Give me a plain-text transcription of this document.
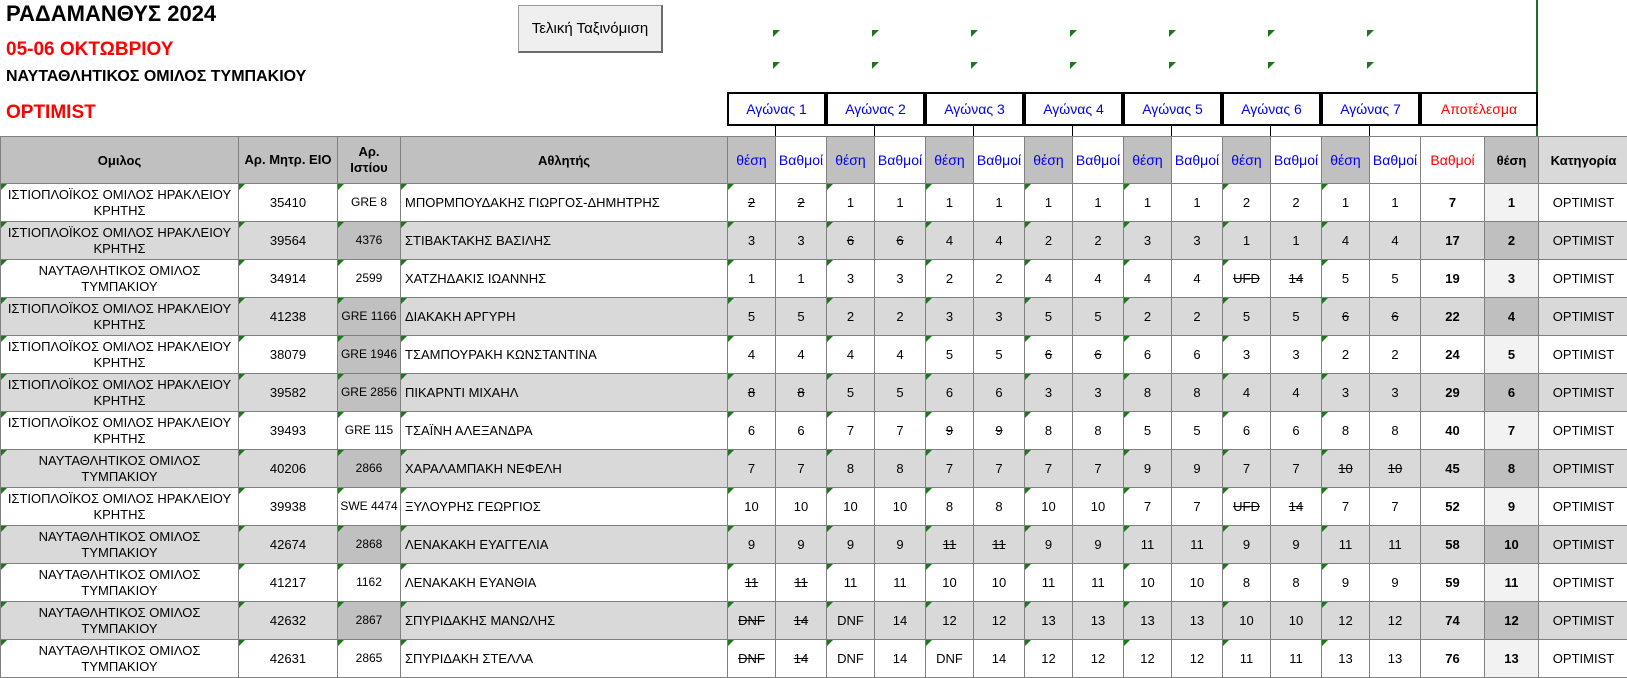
ΡΑΔΑΜΑΝΘΥΣ 2024
05-06 ΟΚΤΩΒΡΙΟΥ
ΝΑΥΤΑΘΛΗΤΙΚΟΣ ΟΜΙΛΟΣ ΤΥΜΠΑΚΙΟΥ
OPTIMIST
Τελική Ταξινόμιση
Αγώνας 1	Αγώνας 2	Αγώνας 3	Αγώνας 4	Αγώνας 5	Αγώνας 6	Αγώνας 7	Αποτέλεσμα
Ομιλος	Αρ. Μητρ. ΕΙΟ	Αρ. Ιστίου	Αθλητής	θέση	Βαθμοί	θέση	Βαθμοί	θέση	Βαθμοί	θέση	Βαθμοί	θέση	Βαθμοί	θέση	Βαθμοί	θέση	Βαθμοί	Βαθμοί	θέση	Κατηγορία
ΙΣΤΙΟΠΛΟΪΚΟΣ ΟΜΙΛΟΣ ΗΡΑΚΛΕΙΟΥ ΚΡΗΤΗΣ	35410	GRE 8	ΜΠΟΡΜΠΟΥΔΑΚΗΣ ΓΙΩΡΓΟΣ-ΔΗΜΗΤΡΗΣ	2	2	1	1	1	1	1	1	1	1	2	2	1	1	7	1	OPTIMIST
ΙΣΤΙΟΠΛΟΪΚΟΣ ΟΜΙΛΟΣ ΗΡΑΚΛΕΙΟΥ ΚΡΗΤΗΣ	39564	4376	ΣΤΙΒΑΚΤΑΚΗΣ ΒΑΣΙΛΗΣ	3	3	6	6	4	4	2	2	3	3	1	1	4	4	17	2	OPTIMIST
ΝΑΥΤΑΘΛΗΤΙΚΟΣ ΟΜΙΛΟΣ ΤΥΜΠΑΚΙΟΥ	34914	2599	ΧΑΤΖΗΔΑΚΙΣ ΙΩΑΝΝΗΣ	1	1	3	3	2	2	4	4	4	4	UFD	14	5	5	19	3	OPTIMIST
ΙΣΤΙΟΠΛΟΪΚΟΣ ΟΜΙΛΟΣ ΗΡΑΚΛΕΙΟΥ ΚΡΗΤΗΣ	41238	GRE 1166	ΔΙΑΚΑΚΗ ΑΡΓΥΡΗ	5	5	2	2	3	3	5	5	2	2	5	5	6	6	22	4	OPTIMIST
ΙΣΤΙΟΠΛΟΪΚΟΣ ΟΜΙΛΟΣ ΗΡΑΚΛΕΙΟΥ ΚΡΗΤΗΣ	38079	GRE 1946	ΤΣΑΜΠΟΥΡΑΚΗ ΚΩΝΣΤΑΝΤΙΝΑ	4	4	4	4	5	5	6	6	6	6	3	3	2	2	24	5	OPTIMIST
ΙΣΤΙΟΠΛΟΪΚΟΣ ΟΜΙΛΟΣ ΗΡΑΚΛΕΙΟΥ ΚΡΗΤΗΣ	39582	GRE 2856	ΠΙΚΑΡΝΤΙ ΜΙΧΑΗΛ	8	8	5	5	6	6	3	3	8	8	4	4	3	3	29	6	OPTIMIST
ΙΣΤΙΟΠΛΟΪΚΟΣ ΟΜΙΛΟΣ ΗΡΑΚΛΕΙΟΥ ΚΡΗΤΗΣ	39493	GRE 115	ΤΣΑΪΝΗ ΑΛΕΞΑΝΔΡΑ	6	6	7	7	9	9	8	8	5	5	6	6	8	8	40	7	OPTIMIST
ΝΑΥΤΑΘΛΗΤΙΚΟΣ ΟΜΙΛΟΣ ΤΥΜΠΑΚΙΟΥ	40206	2866	ΧΑΡΑΛΑΜΠΑΚΗ ΝΕΦΕΛΗ	7	7	8	8	7	7	7	7	9	9	7	7	10	10	45	8	OPTIMIST
ΙΣΤΙΟΠΛΟΪΚΟΣ ΟΜΙΛΟΣ ΗΡΑΚΛΕΙΟΥ ΚΡΗΤΗΣ	39938	SWE 4474	ΞΥΛΟΥΡΗΣ ΓΕΩΡΓΙΟΣ	10	10	10	10	8	8	10	10	7	7	UFD	14	7	7	52	9	OPTIMIST
ΝΑΥΤΑΘΛΗΤΙΚΟΣ ΟΜΙΛΟΣ ΤΥΜΠΑΚΙΟΥ	42674	2868	ΛΕΝΑΚΑΚΗ ΕΥΑΓΓΕΛΙΑ	9	9	9	9	11	11	9	9	11	11	9	9	11	11	58	10	OPTIMIST
ΝΑΥΤΑΘΛΗΤΙΚΟΣ ΟΜΙΛΟΣ ΤΥΜΠΑΚΙΟΥ	41217	1162	ΛΕΝΑΚΑΚΗ ΕΥΑΝΘΙΑ	11	11	11	11	10	10	11	11	10	10	8	8	9	9	59	11	OPTIMIST
ΝΑΥΤΑΘΛΗΤΙΚΟΣ ΟΜΙΛΟΣ ΤΥΜΠΑΚΙΟΥ	42632	2867	ΣΠΥΡΙΔΑΚΗΣ ΜΑΝΩΛΗΣ	DNF	14	DNF	14	12	12	13	13	13	13	10	10	12	12	74	12	OPTIMIST
ΝΑΥΤΑΘΛΗΤΙΚΟΣ ΟΜΙΛΟΣ ΤΥΜΠΑΚΙΟΥ	42631	2865	ΣΠΥΡΙΔΑΚΗ ΣΤΕΛΛΑ	DNF	14	DNF	14	DNF	14	12	12	12	12	11	11	13	13	76	13	OPTIMIST
